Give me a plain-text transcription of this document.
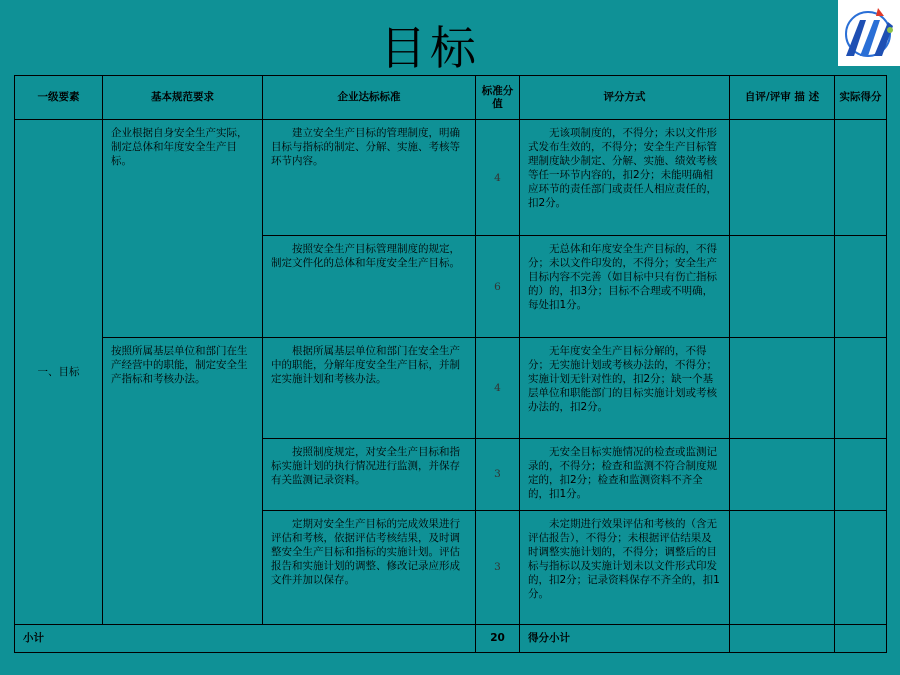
目标
一级要素	基本规范要求	企业达标标准	标准分值	评分方式	自评/评审 描 述	实际得分
一、目标	企业根据自身安全生产实际，制定总体和年度安全生产目标。	建立安全生产目标的管理制度，明确目标与指标的制定、分解、实施、考核等环节内容。	4	无该项制度的，不得分；未以文件形式发布生效的，不得分；安全生产目标管理制度缺少制定、分解、实施、绩效考核等任一环节内容的，扣2分；未能明确相应环节的责任部门或责任人相应责任的，扣2分。		
		按照安全生产目标管理制度的规定，制定文件化的总体和年度安全生产目标。	6	无总体和年度安全生产目标的，不得分；未以文件印发的，不得分；安全生产目标内容不完善（如目标中只有伤亡指标的）的，扣3分；目标不合理或不明确，每处扣1分。		
	按照所属基层单位和部门在生产经营中的职能，制定安全生产指标和考核办法。	根据所属基层单位和部门在安全生产中的职能，分解年度安全生产目标，并制定实施计划和考核办法。	4	无年度安全生产目标分解的，不得分；无实施计划或考核办法的，不得分；实施计划无针对性的，扣2分；缺一个基层单位和职能部门的目标实施计划或考核办法的，扣2分。		
		按照制度规定，对安全生产目标和指标实施计划的执行情况进行监测，并保存有关监测记录资料。	3	无安全目标实施情况的检查或监测记录的，不得分；检查和监测不符合制度规定的，扣2分；检查和监测资料不齐全的，扣1分。		
		定期对安全生产目标的完成效果进行评估和考核，依据评估考核结果，及时调整安全生产目标和指标的实施计划。评估报告和实施计划的调整、修改记录应形成文件并加以保存。	3	未定期进行效果评估和考核的（含无评估报告），不得分；未根据评估结果及时调整实施计划的，不得分；调整后的目标与指标以及实施计划未以文件形式印发的，扣2分；记录资料保存不齐全的，扣1分。		
小计			20	得分小计		
